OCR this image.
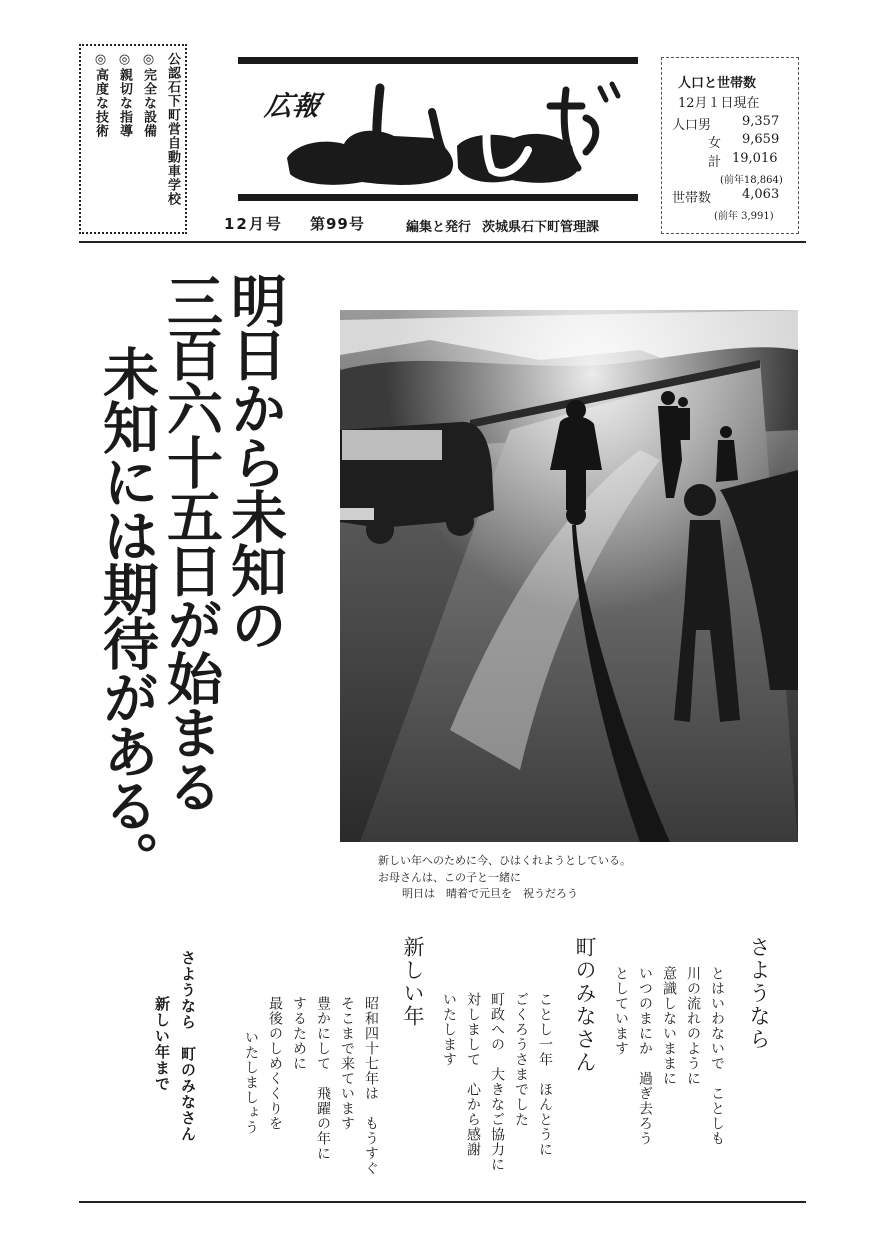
公認石下町営自動車学校
◎完全な設備
◎親切な指導
◎高度な技術	広報
12月号 第99号	編集と発行 茨城県石下町管理課
人口と世帯数
12月１日現在
人口男 9,357
女 9,659
計 19,016
(前年18,864)
世帯数 4,063
(前年 3,991)
明日から未知の
三百六十五日が始まる
未知には期待がある。	新しい年へのために今、ひはくれようとしている。
お母さんは、この子と一緒に
明日は　晴着で元旦を　祝うだろう
さようなら
とはいわないで　ことしも
川の流れのように
意識しないままに
いつのまにか　過ぎ去ろう
としています
町のみなさん
ことし一年　ほんとうに
ごくろうさまでした
町政への　大きなご協力に
対しまして　心から感謝
いたします
新しい年
昭和四十七年は　もうすぐ
そこまで来ています
豊かにして　飛躍の年に
するために
最後のしめくくりを
いたしましょう
さようなら　町のみなさん
新しい年まで
